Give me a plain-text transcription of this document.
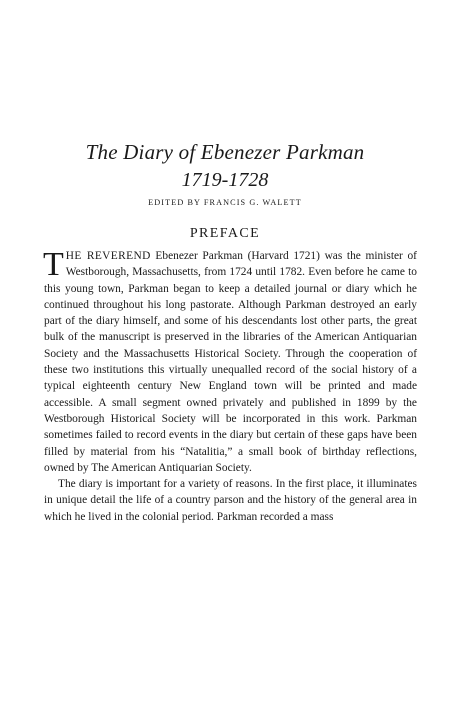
The Diary of Ebenezer Parkman
1719-1728
EDITED BY FRANCIS G. WALETT
PREFACE

THE REVEREND Ebenezer Parkman (Harvard 1721) was the minister of Westborough, Massachusetts, from 1724 until 1782. Even before he came to this young town, Parkman began to keep a detailed journal or diary which he continued throughout his long pastorate. Although Parkman destroyed an early part of the diary himself, and some of his descendants lost other parts, the great bulk of the manuscript is preserved in the libraries of the American Antiquarian Society and the Massachusetts Historical Society. Through the cooperation of these two institutions this virtually unequalled record of the social history of a typical eighteenth century New England town will be printed and made accessible. A small segment owned privately and published in 1899 by the Westborough Historical Society will be incorporated in this work. Parkman sometimes failed to record events in the diary but certain of these gaps have been filled by material from his “Natalitia,” a small book of birthday reflections, owned by The American Antiquarian Society.

The diary is important for a variety of reasons. In the first place, it illuminates in unique detail the life of a country parson and the history of the general area in which he lived in the colonial period. Parkman recorded a mass
